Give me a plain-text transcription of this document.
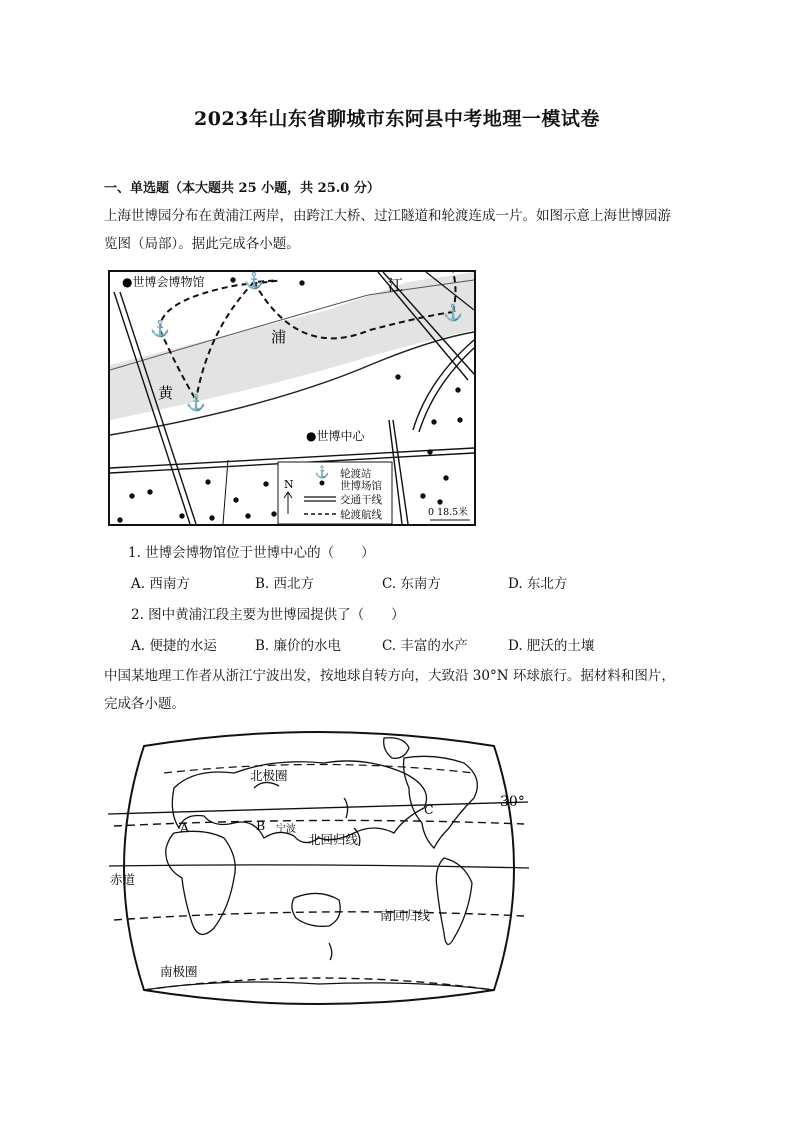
2023年山东省聊城市东阿县中考地理一模试卷
一、单选题（本大题共 25 小题，共 25.0 分）
上海世博园分布在黄浦江两岸，由跨江大桥、过江隧道和轮渡连成一片。如图示意上海世博园游
览图（局部）。据此完成各小题。
⚓
⚓
⚓
⚓
●世博会博物馆	江
浦
黄
●世博中心
N
⚓ 轮渡站
世博场馆
交通干线
轮渡航线	0 18.5米
1. 世博会博物馆位于世博中心的（　　）
A. 西南方	B. 西北方	C. 东南方	D. 东北方
2. 图中黄浦江段主要为世博园提供了（　　）
A. 便捷的水运	B. 廉价的水电	C. 丰富的水产	D. 肥沃的土壤
中国某地理工作者从浙江宁波出发，按地球自转方向，大致沿 30°N 环球旅行。据材料和图片，
完成各小题。
北极圈
北回归线
赤道
南回归线
南极圈
30°
A	B
C
宁波
